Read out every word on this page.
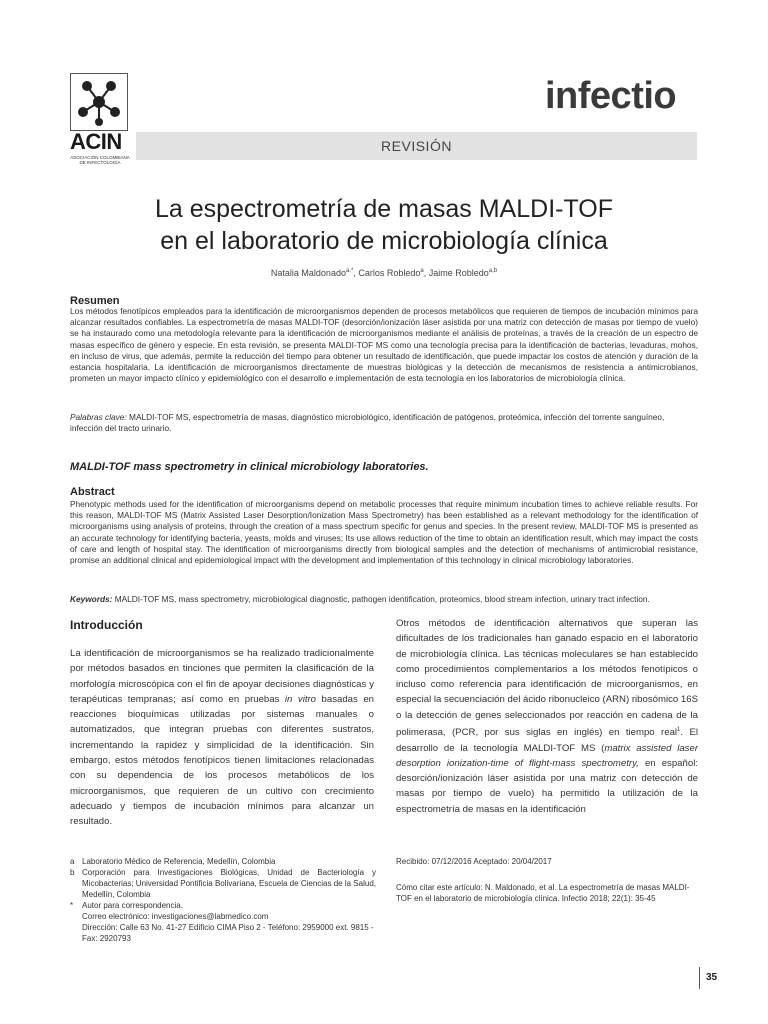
ACIN
ASOCIACIÓN COLOMBIANA DE INFECTOLOGÍA
infectio
REVISIÓN
La espectrometría de masas MALDI-TOF
en el laboratorio de microbiología clínica
Natalia Maldonado$^{a,*}$, Carlos Robledo$^a$, Jaime Robledo$^{a,b}$
Resumen
Los métodos fenotípicos empleados para la identificación de microorganismos dependen de procesos metabólicos que requieren de tiempos de incubación mínimos para alcanzar resultados confiables. La espectrometría de masas MALDI-TOF (desorción/ionización láser asistida por una matriz con detección de masas por tiempo de vuelo) se ha instaurado como una metodología relevante para la identificación de microorganismos mediante el análisis de proteínas, a través de la creación de un espectro de masas específico de género y especie. En esta revisión, se presenta MALDI-TOF MS como una tecnología precisa para la identificación de bacterias, levaduras, mohos, en incluso de virus, que además, permite la reducción del tiempo para obtener un resultado de identificación, que puede impactar los costos de atención y duración de la estancia hospitalaria. La identificación de microorganismos directamente de muestras biológicas y la detección de mecanismos de resistencia a antimicrobianos, prometen un mayor impacto clínico y epidemiológico con el desarrollo e implementación de esta tecnología en los laboratorios de microbiología clínica.
Palabras clave: MALDI-TOF MS, espectrometría de masas, diagnóstico microbiológico, identificación de patógenos, proteómica, infección del torrente sanguíneo, infección del tracto urinario.
MALDI-TOF mass spectrometry in clinical microbiology laboratories.
Abstract
Phenotypic methods used for the identification of microorganisms depend on metabolic processes that require minimum incubation times to achieve reliable results. For this reason, MALDI-TOF MS (Matrix Assisted Laser Desorption/Ionization Mass Spectrometry) has been established as a relevant methodology for the identification of microorganisms using analysis of proteins, through the creation of a mass spectrum specific for genus and species. In the present review, MALDI-TOF MS is presented as an accurate technology for identifying bacteria, yeasts, molds and viruses; Its use allows reduction of the time to obtain an identification result, which may impact the costs of care and length of hospital stay. The identification of microorganisms directly from biological samples and the detection of mechanisms of antimicrobial resistance, promise an additional clinical and epidemiological impact with the development and implementation of this technology in clinical microbiology laboratories.
Keywords: MALDI-TOF MS, mass spectrometry, microbiological diagnostic, pathogen identification, proteomics, blood stream infection, urinary tract infection.
Introducción
La identificación de microorganismos se ha realizado tradicionalmente por métodos basados en tinciones que permiten la clasificación de la morfología microscópica con el fin de apoyar decisiones diagnósticas y terapéuticas tempranas; así como en pruebas in vitro basadas en reacciones bioquímicas utilizadas por sistemas manuales o automatizados, que integran pruebas con diferentes sustratos, incrementando la rapidez y simplicidad de la identificación. Sin embargo, estos métodos fenotípicos tienen limitaciones relacionadas con su dependencia de los procesos metabólicos de los microorganismos, que requieren de un cultivo con crecimiento adecuado y tiempos de incubación mínimos para alcanzar un resultado.
Otros métodos de identificación alternativos que superan las dificultades de los tradicionales han ganado espacio en el laboratorio de microbiología clínica. Las técnicas moleculares se han establecido como procedimientos complementarios a los métodos fenotípicos o incluso como referencia para identificación de microorganismos, en especial la secuenciación del ácido ribonucleico (ARN) ribosómico 16S o la detección de genes seleccionados por reacción en cadena de la polimerasa, (PCR, por sus siglas en inglés) en tiempo real$^1$. El desarrollo de la tecnología MALDI-TOF MS (matrix assisted laser desorption ionization-time of flight-mass spectrometry, en español: desorción/ionización láser asistida por una matriz con detección de masas por tiempo de vuelo) ha permitido la utilización de la espectrometría de masas en la identificación
a Laboratorio Médico de Referencia, Medellín, Colombia
b Corporación para Investigaciones Biológicas, Unidad de Bacteriología y Micobacterias; Universidad Pontificia Bolivariana, Escuela de Ciencias de la Salud, Medellín, Colombia
*	Autor para correspondencia.
Correo electrónico: investigaciones@labmedico.com
Dirección: Calle 63 No. 41-27 Edificio CIMA Piso 2 - Teléfono: 2959000 ext. 9815 - Fax: 2920793
Recibido: 07/12/2016 Aceptado: 20/04/2017
Cómo citar este artículo: N. Maldonado, et al. La espectrometría de masas MALDI-TOF en el laboratorio de microbiología clínica. Infectio 2018; 22(1): 35-45
35
